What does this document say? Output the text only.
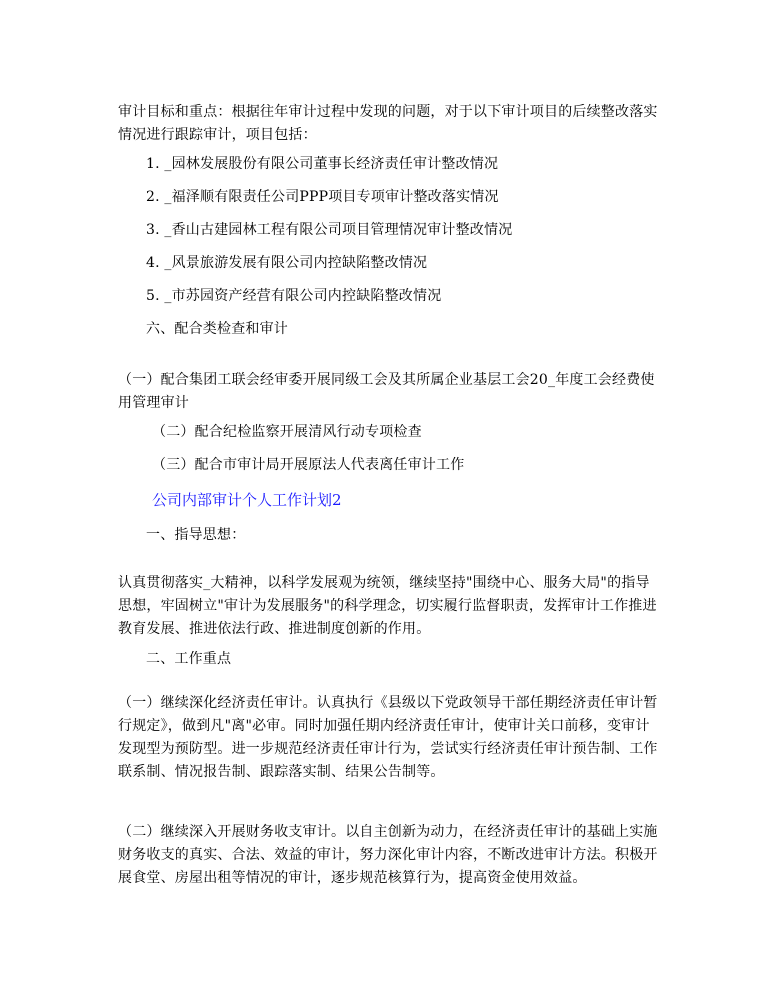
审计目标和重点：根据往年审计过程中发现的问题，对于以下审计项目的后续整改落实情况进行跟踪审计，项目包括：

1. _园林发展股份有限公司董事长经济责任审计整改情况

2. _福泽顺有限责任公司PPP项目专项审计整改落实情况

3. _香山古建园林工程有限公司项目管理情况审计整改情况

4. _风景旅游发展有限公司内控缺陷整改情况

5. _市苏园资产经营有限公司内控缺陷整改情况

六、配合类检查和审计

（一）配合集团工联会经审委开展同级工会及其所属企业基层工会20_年度工会经费使用管理审计

（二）配合纪检监察开展清风行动专项检查

（三）配合市审计局开展原法人代表离任审计工作

公司内部审计个人工作计划2

一、指导思想：

认真贯彻落实_大精神，以科学发展观为统领，继续坚持"围绕中心、服务大局"的指导思想，牢固树立"审计为发展服务"的科学理念，切实履行监督职责，发挥审计工作推进教育发展、推进依法行政、推进制度创新的作用。

二、工作重点

（一）继续深化经济责任审计。认真执行《县级以下党政领导干部任期经济责任审计暂行规定》，做到凡"离"必审。同时加强任期内经济责任审计，使审计关口前移，变审计发现型为预防型。进一步规范经济责任审计行为，尝试实行经济责任审计预告制、工作联系制、情况报告制、跟踪落实制、结果公告制等。

（二）继续深入开展财务收支审计。以自主创新为动力，在经济责任审计的基础上实施财务收支的真实、合法、效益的审计，努力深化审计内容，不断改进审计方法。积极开展食堂、房屋出租等情况的审计，逐步规范核算行为，提高资金使用效益。
